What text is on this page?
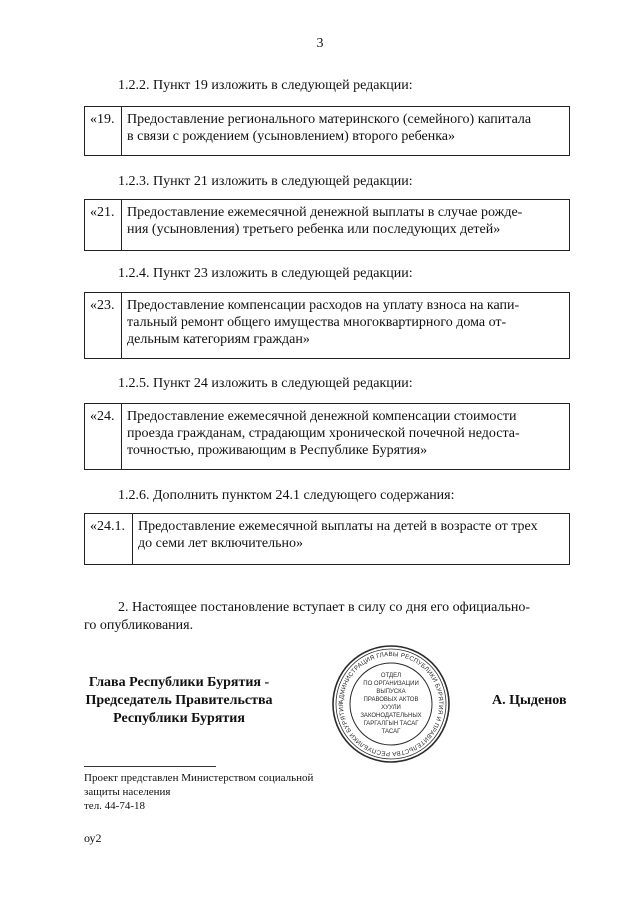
3
1.2.2. Пункт 19 изложить в следующей редакции:
«19. Предоставление регионального материнского (семейного) капитала
в связи с рождением (усыновлением) второго ребенка»
1.2.3. Пункт 21 изложить в следующей редакции:
«21. Предоставление ежемесячной денежной выплаты в случае рожде-
ния (усыновления) третьего ребенка или последующих детей»
1.2.4. Пункт 23 изложить в следующей редакции:
«23. Предоставление компенсации расходов на уплату взноса на капи-
тальный ремонт общего имущества многоквартирного дома от-
дельным категориям граждан»
1.2.5. Пункт 24 изложить в следующей редакции:
«24. Предоставление ежемесячной денежной компенсации стоимости
проезда гражданам, страдающим хронической почечной недоста-
точностью, проживающим в Республике Бурятия»
1.2.6. Дополнить пунктом 24.1 следующего содержания:
«24.1. Предоставление ежемесячной выплаты на детей в возрасте от трех
до семи лет включительно»
2. Настоящее постановление вступает в силу со дня его официально-
го опубликования.
Глава Республики Бурятия -
Председатель Правительства
Республики Бурятия
АДМИНИСТРАЦИЯ ГЛАВЫ РЕСПУБЛИКИ БУРЯТИЯ И ПРАВИТЕЛЬСТВА РЕСПУБЛИКИ БУРЯТИЯ
ОТДЕЛ
ПО ОРГАНИЗАЦИИ
ВЫПУСКА
ПРАВОВЫХ АКТОВ
ХУУЛИ
ЗАКОНОДАТЕЛЬНЫХ
ГАРГАЛГЫН ТАСАГ
ТАСАГ
А. Цыденов
Проект представлен Министерством социальной
защиты населения
тел. 44-74-18
оу2
